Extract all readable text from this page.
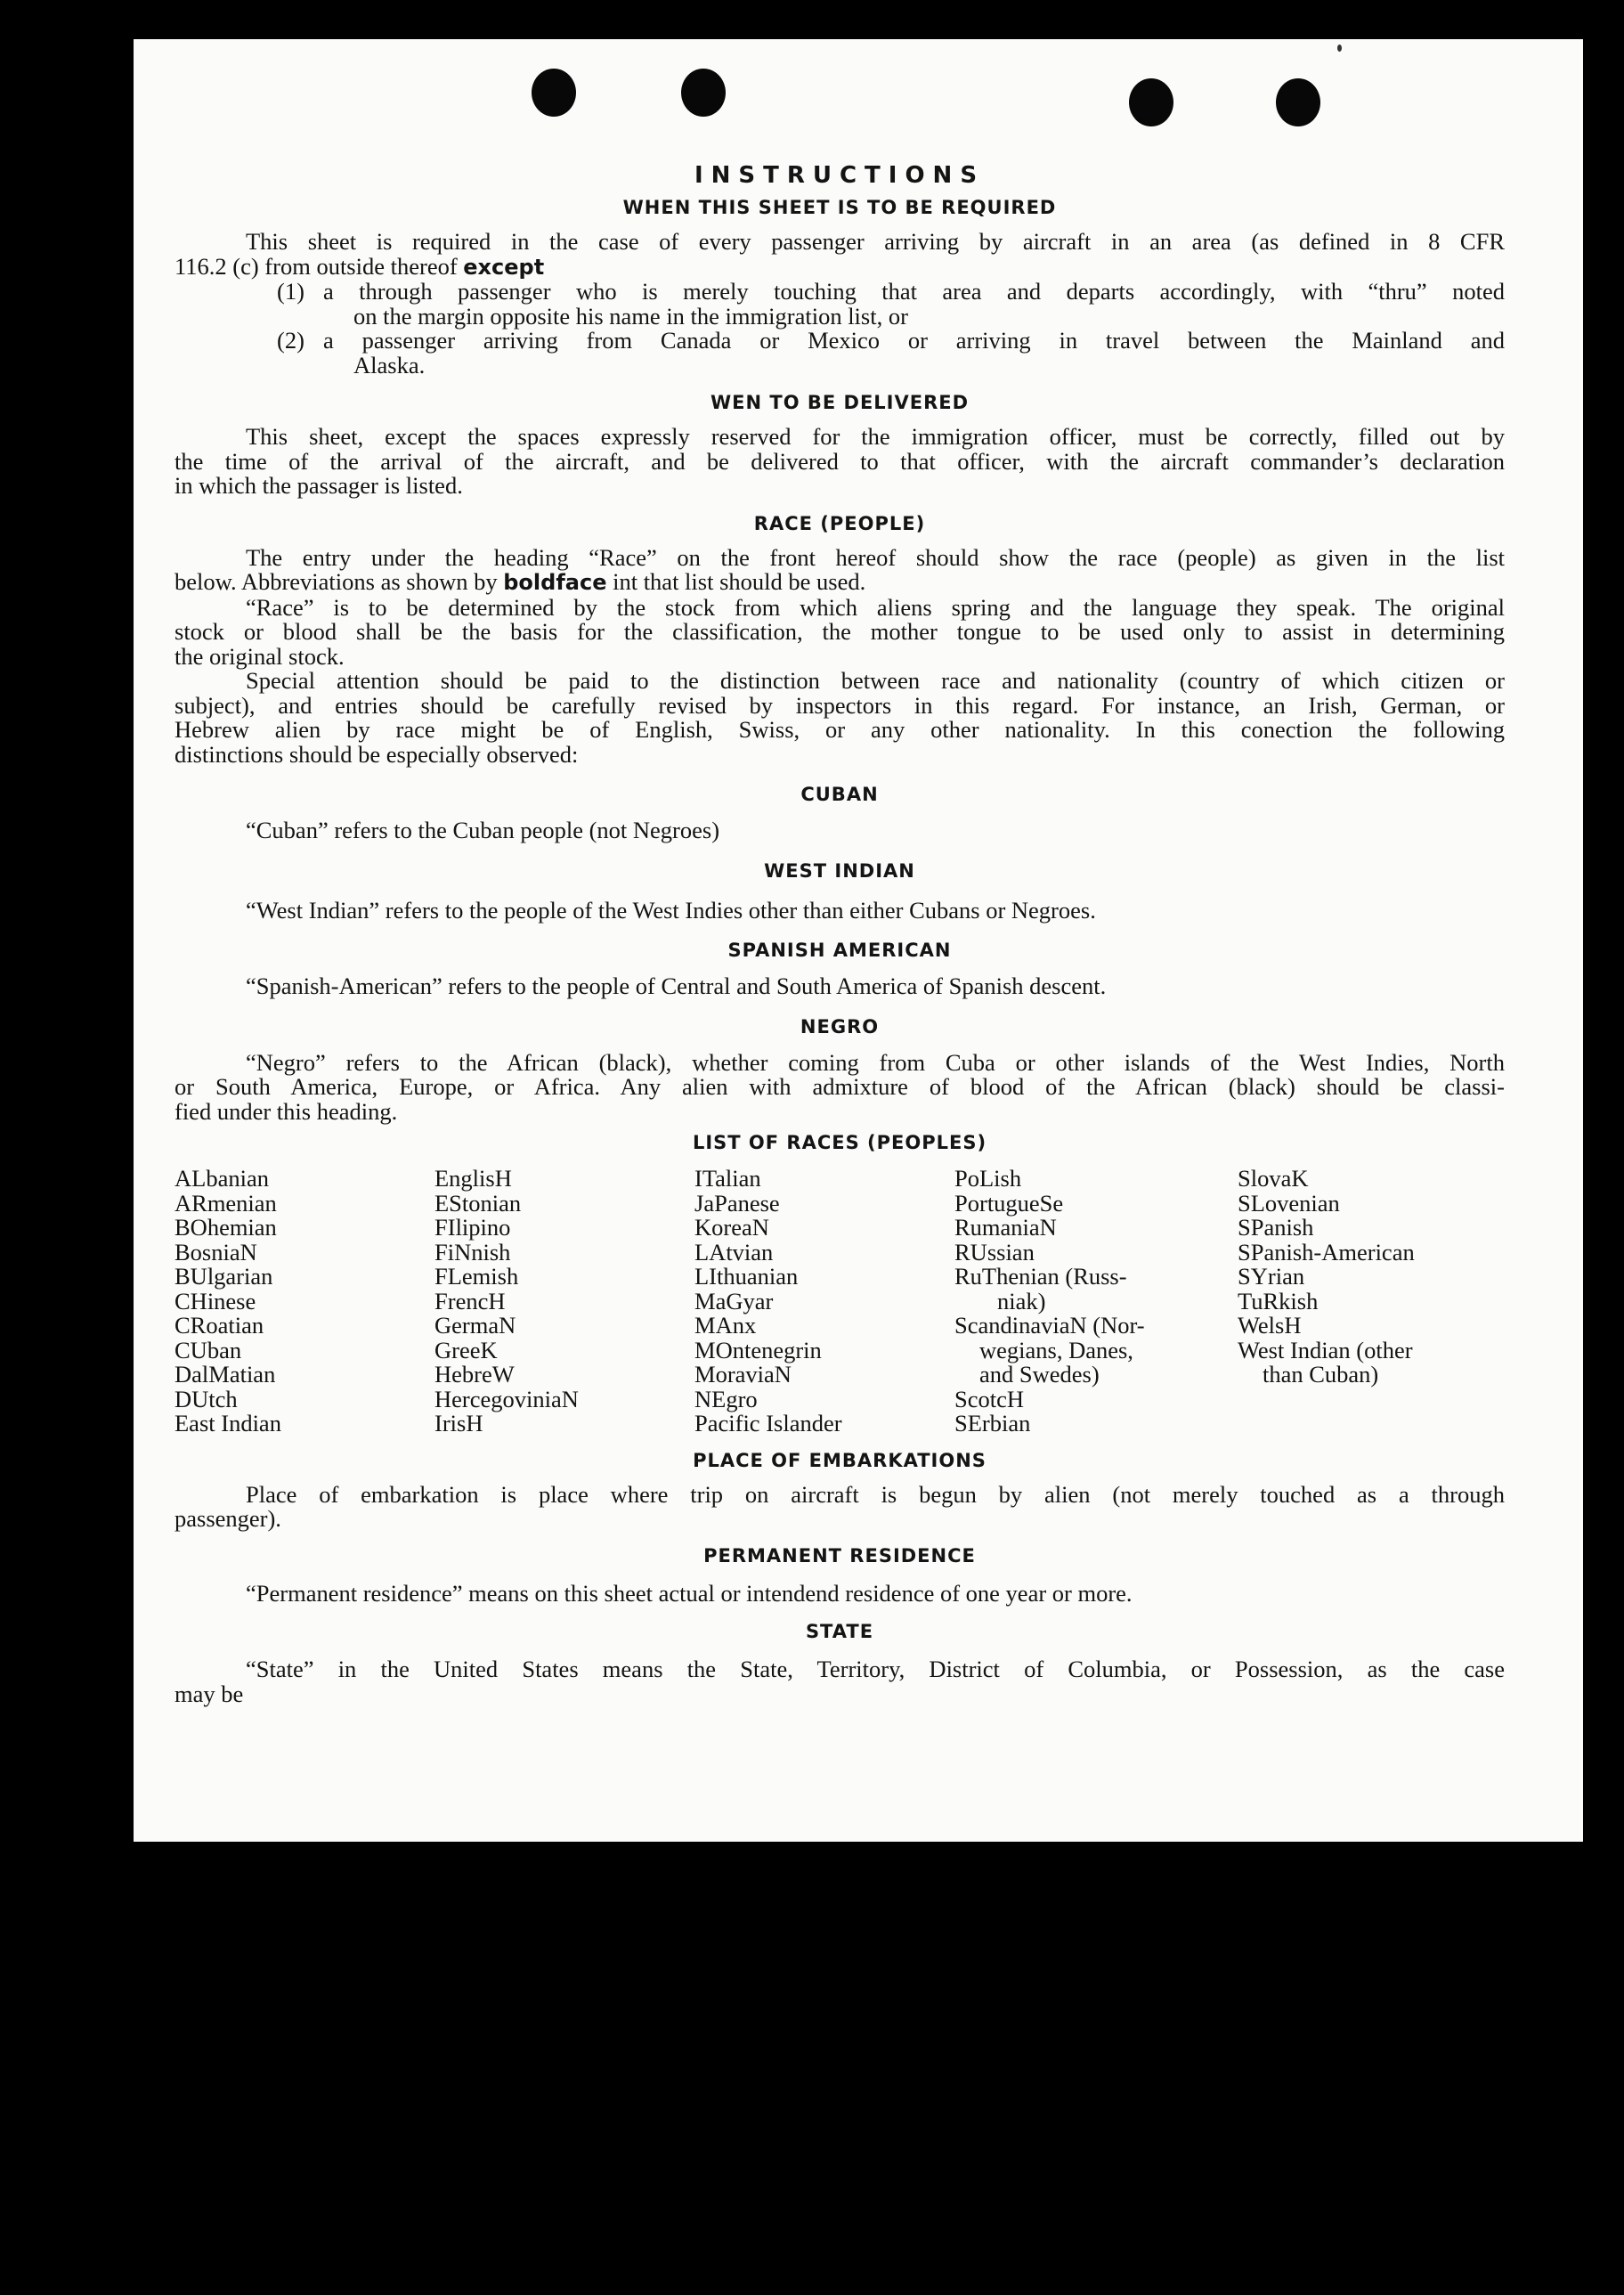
INSTRUCTIONS
WHEN THIS SHEET IS TO BE REQUIRED
This sheet is required in the case of every passenger arriving by aircraft in an area (as defined in 8 CFR
116.2 (c) from outside thereof except
(1) a through passenger who is merely touching that area and departs accordingly, with “thru” noted
on the margin opposite his name in the immigration list, or
(2) a passenger arriving from Canada or Mexico or arriving in travel between the Mainland and
Alaska.
WEN TO BE DELIVERED
This sheet, except the spaces expressly reserved for the immigration officer, must be correctly, filled out by
the time of the arrival of the aircraft, and be delivered to that officer, with the aircraft commander’s declaration
in which the passager is listed.
RACE (PEOPLE)
The entry under the heading “Race” on the front hereof should show the race (people) as given in the list
below. Abbreviations as shown by boldface int that list should be used.
“Race” is to be determined by the stock from which aliens spring and the language they speak. The original
stock or blood shall be the basis for the classification, the mother tongue to be used only to assist in determining
the original stock.
Special attention should be paid to the distinction between race and nationality (country of which citizen or
subject), and entries should be carefully revised by inspectors in this regard. For instance, an Irish, German, or
Hebrew alien by race might be of English, Swiss, or any other nationality. In this conection the following
distinctions should be especially observed:
CUBAN

“Cuban” refers to the Cuban people (not Negroes)

WEST INDIAN

“West Indian” refers to the people of the West Indies other than either Cubans or Negroes.

SPANISH AMERICAN

“Spanish-American” refers to the people of Central and South America of Spanish descent.

NEGRO
“Negro” refers to the African (black), whether coming from Cuba or other islands of the West Indies, North
or South America, Europe, or Africa. Any alien with admixture of blood of the African (black) should be classi-
fied under this heading.
LIST OF RACES (PEOPLES)
ALbanian
ARmenian
BOhemian
BosniaN
BUlgarian
CHinese
CRoatian
CUban
DalMatian
DUtch
East Indian
EnglisH
EStonian
FIlipino
FiNnish
FLemish
FrencH
GermaN
GreeK
HebreW
HercegovinіaN
IrisH
ITalian
JaPanese
KoreaN
LAtvian
LIthuanian
MaGyar
MAnx
MOntenegrin
MoraviaN
NEgro
Pacific Islander
PoLish
PortugueSe
RumaniaN
RUssian
RuThenian (Russ-
niak)
ScandinaviaN (Nor-
wegians, Danes,
and Swedes)
ScotcH
SErbian
SlovaK
SLovenian
SPanish
SPanish-American
SYrian
TuRkish
WelsH
West Indian (other
than Cuban)
PLACE OF EMBARKATIONS
Place of embarkation is place where trip on aircraft is begun by alien (not merely touched as a through
passenger).
PERMANENT RESIDENCE

“Permanent residence” means on this sheet actual or intendend residence of one year or more.

STATE
“State” in the United States means the State, Territory, District of Columbia, or Possession, as the case
may be
